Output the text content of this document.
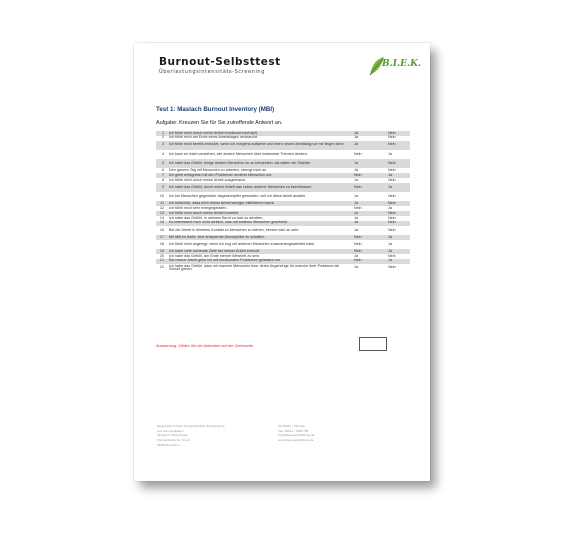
Burnout-Selbsttest
Überlastungsintensitäts-Screening
B.I.E.K.
Test 1: Maslach Burnout Inventory (MBI)
Aufgabe: Kreuzen Sie für Sie zutreffende Antwort an.
1	Ich fühle mich durch meine Arbeit emotional erschöpft.	Ja	Nein
2	Ich fühle mich am Ende eines Arbeitstages verbraucht.	Ja	Nein
3	Ich fühle mich bereits ermüdet, wenn ich morgens aufstehe und einen neuen Arbeitstag vor mir liegen sehe.	Ja	Nein
4	Ich kann es leicht verstehen, wie andere Menschen über bestimmte Themen denken.	Nein	Ja
5	Ich habe das Gefühl, einige andere Menschen so zu behandeln, als wären sie Objekte.	Ja	Nein
6	Den ganzen Tag mit Menschen zu arbeiten, strengt mich an.	Ja	Nein
7	Ich gehe erfolgreich mit den Problemen anderer Menschen um.	Nein	Ja
8	Ich fühle mich durch meine Arbeit ausgebrannt.	Ja	Nein
9	Ich habe das Gefühl, durch meine Arbeit das Leben anderer Menschen zu beeinflussen.	Nein	Ja
10	Ich bin Menschen gegenüber abgestumpfter geworden, seit ich diese Arbeit ausübe.	Ja	Nein
11	Ich befürchte, dass mich meine Arbeit weniger mitfühlend macht.	Ja	Nein
12	Ich fühle mich sehr energiegeladen.	Nein	Ja
13	Ich fühle mich durch meine Arbeit frustriert.	Ja	Nein
14	Ich habe das Gefühl, in meinem Beruf zu hart zu arbeiten.	Ja	Nein
15	Es interessiert mich nicht wirklich, was mit anderen Menschen geschieht.	Ja	Nein
16	Bei der Arbeit in direktem Kontakt zu Menschen zu stehen, stresst mich zu sehr.	Ja	Nein
17	Mir fällt es leicht, eine entspannte Atmosphäre zu schaffen.	Nein	Ja
18	Ich fühle mich angeregt, wenn ich eng mit anderen Menschen zusammengearbeitet habe.	Nein	Ja
19	Ich habe viele lohnende Ziele bei meiner Arbeit erreicht.	Nein	Ja
20	Ich habe das Gefühl, am Ende meiner Weisheit zu sein.	Ja	Nein
21	Bei meiner Arbeit gehe ich mit emotionalen Problemen gelassen um.	Nein	Ja
22	Ich habe das Gefühl, dass mir manche Menschen bzw. deren Angehörige für manche ihrer Probleme die Schuld geben.	Ja	Nein
Auswertung: Zählen Sie die Antworten auf der Greenseite
Bergstraßen Institut für ganzheitliche Entspannung
und Kommunikation
Inhaberin: Silvia Dyeke
Prinzenstraße Str. 10-12
64625 Bensheim
Tel 06251 - 790 494
Fax: 06251 - 7890 765
info@biek-weiterbildung.de
www.biek-weiterbildung.de
